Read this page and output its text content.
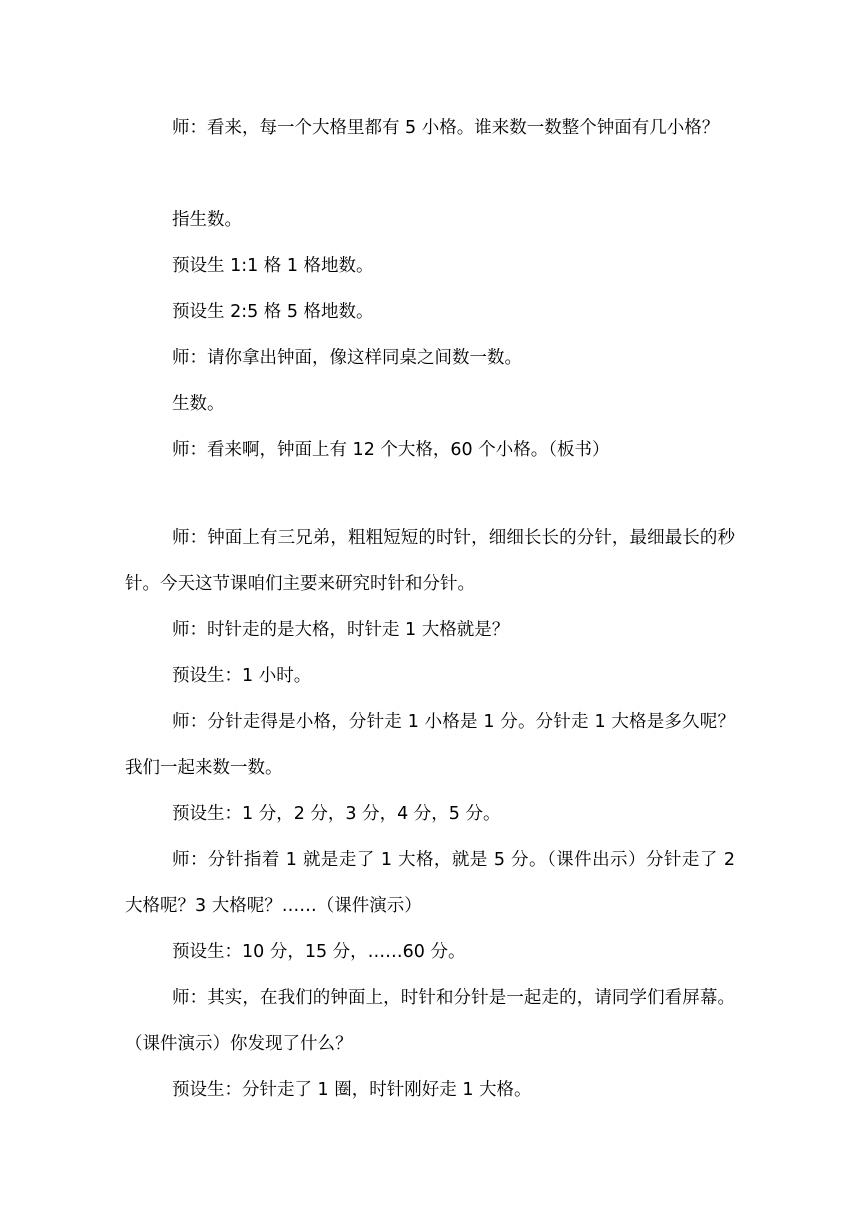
师：看来，每一个大格里都有 5 小格。谁来数一数整个钟面有几小格？

指生数。

预设生 1:1 格 1 格地数。

预设生 2:5 格 5 格地数。

师：请你拿出钟面，像这样同桌之间数一数。

生数。

师：看来啊，钟面上有 12 个大格，60 个小格。（板书）

师：钟面上有三兄弟，粗粗短短的时针，细细长长的分针，最细最长的秒针。今天这节课咱们主要来研究时针和分针。

师：时针走的是大格，时针走 1 大格就是？

预设生：1 小时。

师：分针走得是小格，分针走 1 小格是 1 分。分针走 1 大格是多久呢？我们一起来数一数。

预设生：1 分，2 分，3 分，4 分，5 分。

师：分针指着 1 就是走了 1 大格，就是 5 分。（课件出示）分针走了 2 大格呢？3 大格呢？……（课件演示）

预设生：10 分，15 分，……60 分。

师：其实，在我们的钟面上，时针和分针是一起走的，请同学们看屏幕。（课件演示）你发现了什么？

预设生：分针走了 1 圈，时针刚好走 1 大格。
